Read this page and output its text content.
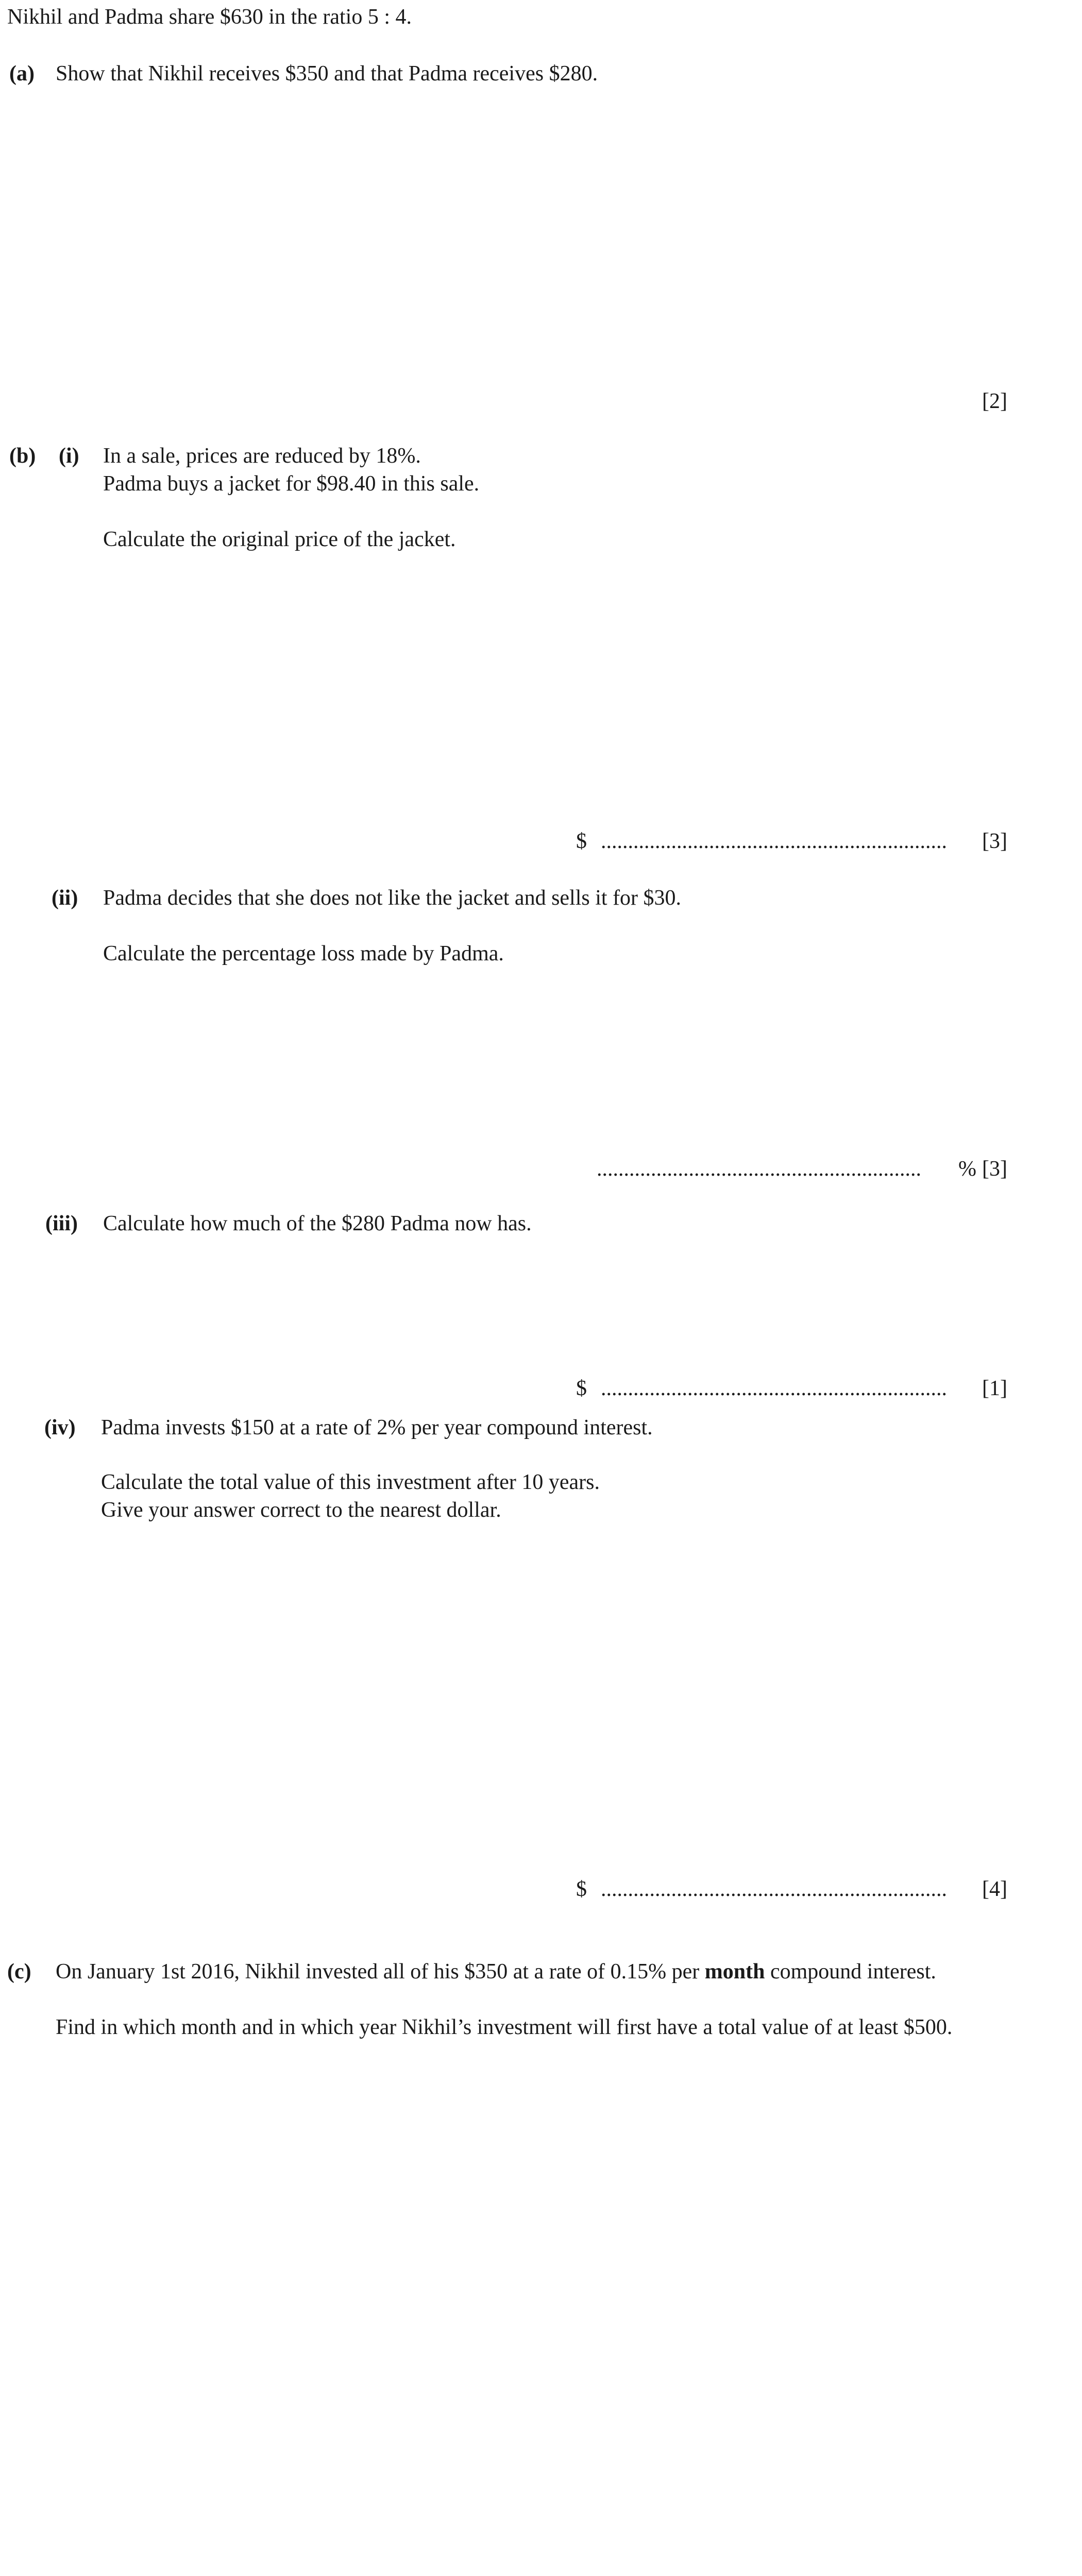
Nikhil and Padma share $630 in the ratio 5 : 4.
(a) Show that Nikhil receives $350 and that Padma receives $280.
[2]
(b) (i) In a sale, prices are reduced by 18%.
Padma buys a jacket for $98.40 in this sale.
Calculate the original price of the jacket.
$ ................................................................ [3]
(ii) Padma decides that she does not like the jacket and sells it for $30.
Calculate the percentage loss made by Padma.
............................................................ % [3]
(iii) Calculate how much of the $280 Padma now has.
$ ................................................................ [1]
(iv) Padma invests $150 at a rate of 2% per year compound interest.
Calculate the total value of this investment after 10 years.
Give your answer correct to the nearest dollar.
$ ................................................................ [4]
(c) On January 1st 2016, Nikhil invested all of his $350 at a rate of 0.15% per month compound interest.
Find in which month and in which year Nikhil’s investment will first have a total value of at least $500.
